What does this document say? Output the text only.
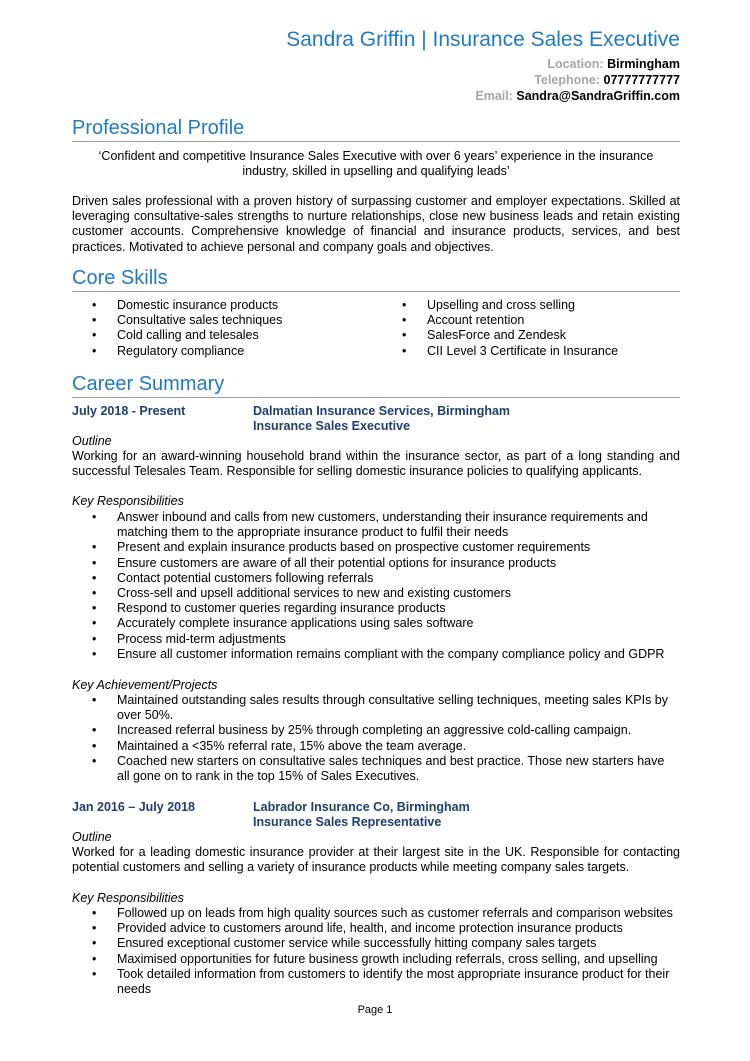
Sandra Griffin | Insurance Sales Executive
Location: Birmingham
Telephone: 07777777777
Email: Sandra@SandraGriffin.com
Professional Profile
‘Confident and competitive Insurance Sales Executive with over 6 years’ experience in the insurance industry, skilled in upselling and qualifying leads’
Driven sales professional with a proven history of surpassing customer and employer expectations. Skilled at leveraging consultative-sales strengths to nurture relationships, close new business leads and retain existing customer accounts. Comprehensive knowledge of financial and insurance products, services, and best practices. Motivated to achieve personal and company goals and objectives.
Core Skills
• Domestic insurance products
• Consultative sales techniques
• Cold calling and telesales
• Regulatory compliance
• Upselling and cross selling
• Account retention
• SalesForce and Zendesk
• CII Level 3 Certificate in Insurance
Career Summary
July 2018 - Present	Dalmatian Insurance Services, Birmingham
Insurance Sales Executive
Outline
Working for an award-winning household brand within the insurance sector, as part of a long standing and successful Telesales Team. Responsible for selling domestic insurance policies to qualifying applicants.
Key Responsibilities
• Answer inbound and calls from new customers, understanding their insurance requirements and matching them to the appropriate insurance product to fulfil their needs
• Present and explain insurance products based on prospective customer requirements
• Ensure customers are aware of all their potential options for insurance products
• Contact potential customers following referrals
• Cross-sell and upsell additional services to new and existing customers
• Respond to customer queries regarding insurance products
• Accurately complete insurance applications using sales software
• Process mid-term adjustments
• Ensure all customer information remains compliant with the company compliance policy and GDPR
Key Achievement/Projects
• Maintained outstanding sales results through consultative selling techniques, meeting sales KPIs by over 50%.
• Increased referral business by 25% through completing an aggressive cold-calling campaign.
• Maintained a <35% referral rate, 15% above the team average.
• Coached new starters on consultative sales techniques and best practice. Those new starters have all gone on to rank in the top 15% of Sales Executives.
Jan 2016 – July 2018	Labrador Insurance Co, Birmingham
Insurance Sales Representative
Outline
Worked for a leading domestic insurance provider at their largest site in the UK. Responsible for contacting potential customers and selling a variety of insurance products while meeting company sales targets.
Key Responsibilities
• Followed up on leads from high quality sources such as customer referrals and comparison websites
• Provided advice to customers around life, health, and income protection insurance products
• Ensured exceptional customer service while successfully hitting company sales targets
• Maximised opportunities for future business growth including referrals, cross selling, and upselling
• Took detailed information from customers to identify the most appropriate insurance product for their needs
Page 1
